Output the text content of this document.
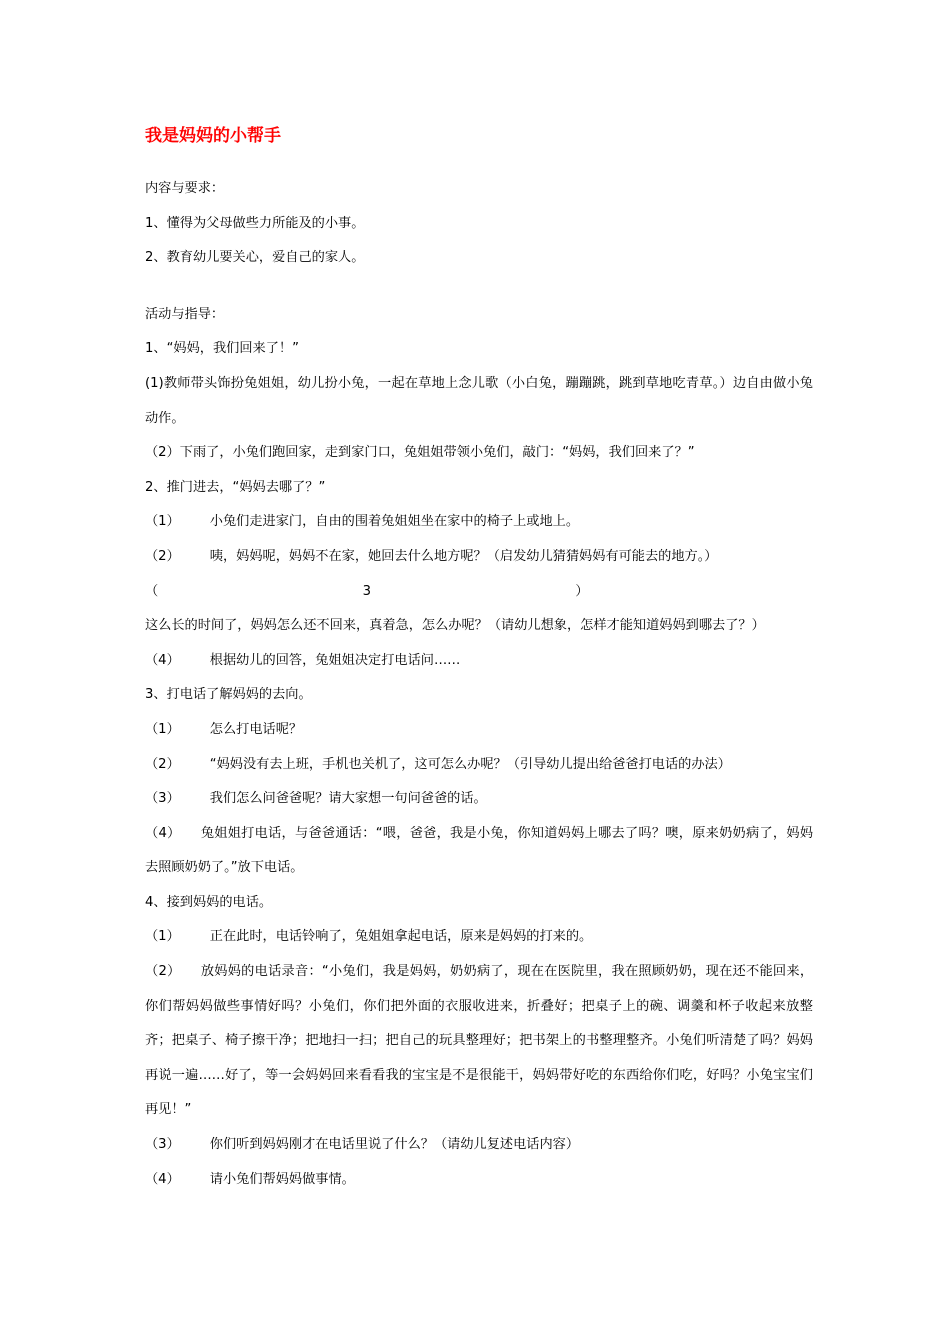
我是妈妈的小帮手
内容与要求：
1、懂得为父母做些力所能及的小事。
2、教育幼儿要关心，爱自己的家人。
活动与指导：
1、“妈妈，我们回来了！”
(1)教师带头饰扮兔姐姐，幼儿扮小兔，一起在草地上念儿歌（小白兔，蹦蹦跳，跳到草地吃青草。）边自由做小兔动作。
（2）下雨了，小兔们跑回家，走到家门口，兔姐姐带领小兔们，敲门：“妈妈，我们回来了？”
2、推门进去，“妈妈去哪了？”
（1） 小兔们走进家门，自由的围着兔姐姐坐在家中的椅子上或地上。
（2） 咦，妈妈呢，妈妈不在家，她回去什么地方呢？（启发幼儿猜猜妈妈有可能去的地方。）
（3）这么长的时间了，妈妈怎么还不回来，真着急，怎么办呢？（请幼儿想象，怎样才能知道妈妈到哪去了？）
（4） 根据幼儿的回答，兔姐姐决定打电话问……
3、打电话了解妈妈的去向。
（1） 怎么打电话呢？
（2） “妈妈没有去上班，手机也关机了，这可怎么办呢？（引导幼儿提出给爸爸打电话的办法）
（3） 我们怎么问爸爸呢？请大家想一句问爸爸的话。
（4） 兔姐姐打电话，与爸爸通话：“喂，爸爸，我是小兔，你知道妈妈上哪去了吗？噢，原来奶奶病了，妈妈去照顾奶奶了。”放下电话。
4、接到妈妈的电话。
（1） 正在此时，电话铃响了，兔姐姐拿起电话，原来是妈妈的打来的。
（2） 放妈妈的电话录音：“小兔们，我是妈妈，奶奶病了，现在在医院里，我在照顾奶奶，现在还不能回来，你们帮妈妈做些事情好吗？小兔们，你们把外面的衣服收进来，折叠好；把桌子上的碗、调羹和杯子收起来放整齐；把桌子、椅子擦干净；把地扫一扫；把自己的玩具整理好；把书架上的书整理整齐。小兔们听清楚了吗？妈妈再说一遍……好了，等一会妈妈回来看看我的宝宝是不是很能干，妈妈带好吃的东西给你们吃，好吗？小兔宝宝们再见！”
（3） 你们听到妈妈刚才在电话里说了什么？（请幼儿复述电话内容）
（4） 请小兔们帮妈妈做事情。
